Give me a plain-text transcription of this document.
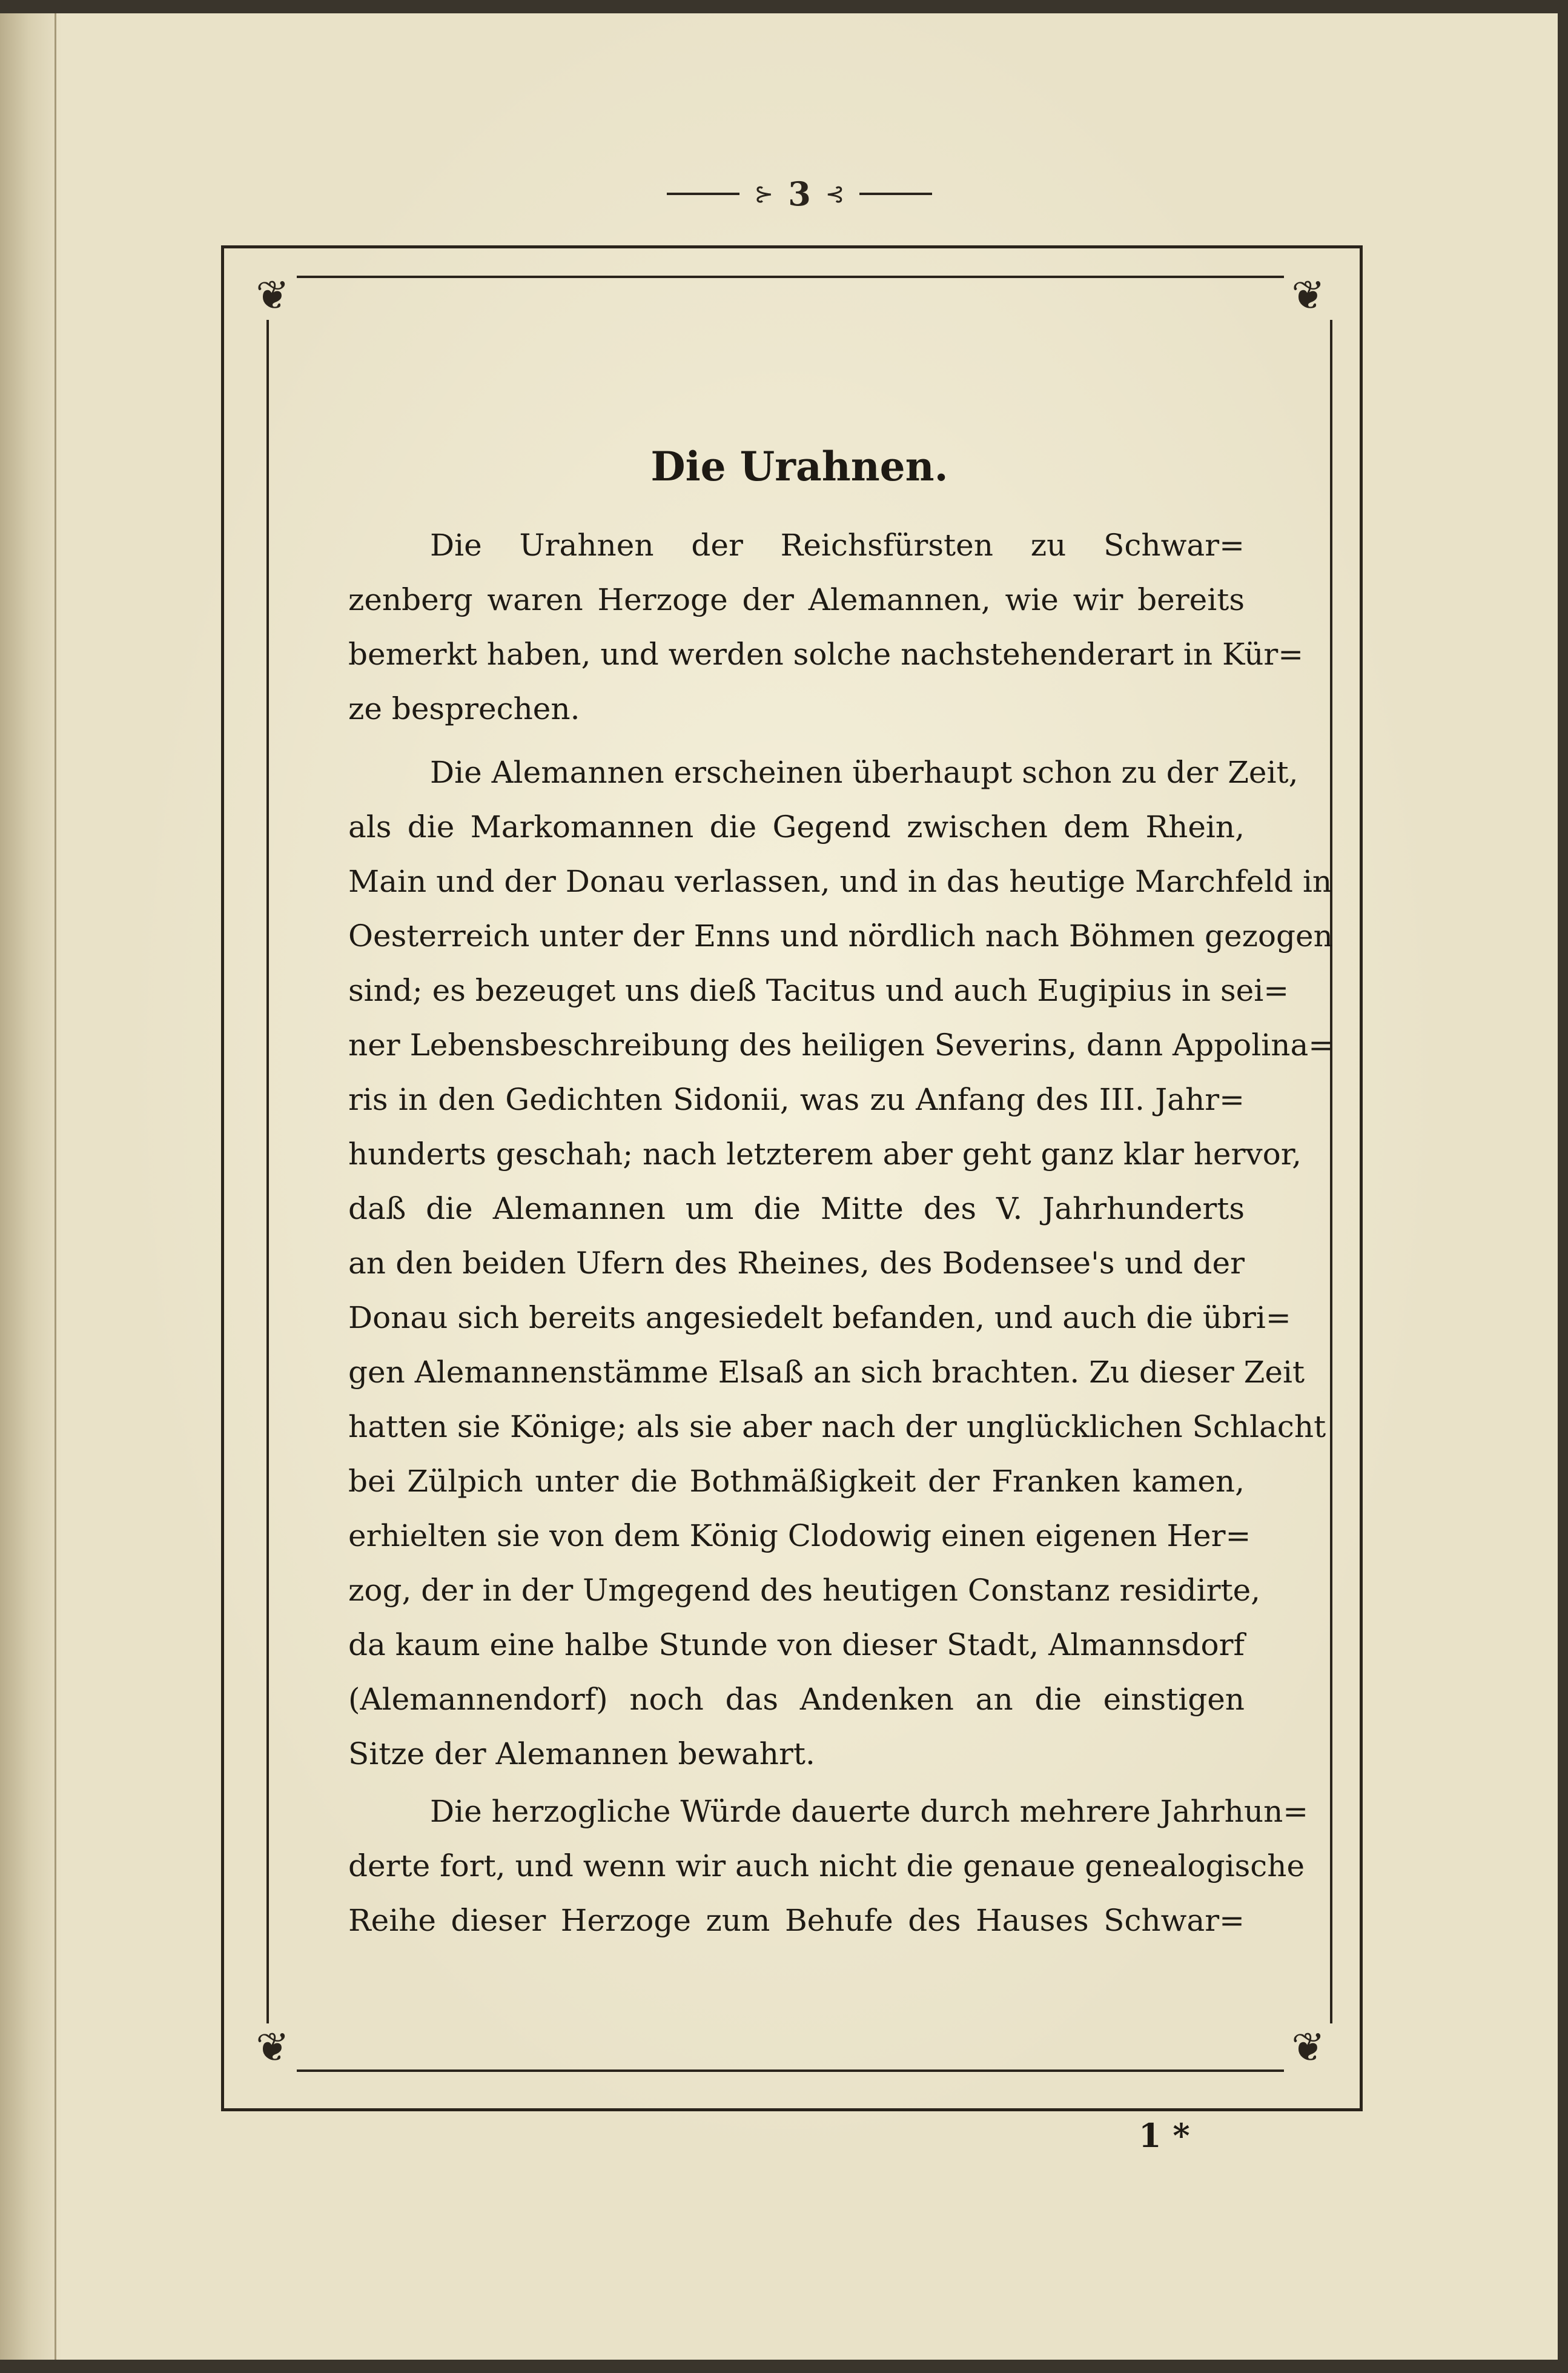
⊱ 3 ⊰
❦	❦
❦	❦
Die Urahnen.
Die Urahnen der Reichsfürsten zu Schwar=
zenberg waren Herzoge der Alemannen, wie wir bereits
bemerkt haben, und werden solche nachstehenderart in Kür=
ze besprechen.
Die Alemannen erscheinen überhaupt schon zu der Zeit,
als die Markomannen die Gegend zwischen dem Rhein,
Main und der Donau verlassen, und in das heutige Marchfeld in
Oesterreich unter der Enns und nördlich nach Böhmen gezogen
sind; es bezeuget uns dieß Tacitus und auch Eugipius in sei=
ner Lebensbeschreibung des heiligen Severins, dann Appolina=
ris in den Gedichten Sidonii, was zu Anfang des III. Jahr=
hunderts geschah; nach letzterem aber geht ganz klar hervor,
daß die Alemannen um die Mitte des V. Jahrhunderts
an den beiden Ufern des Rheines, des Bodensee's und der
Donau sich bereits angesiedelt befanden, und auch die übri=
gen Alemannenstämme Elsaß an sich brachten. Zu dieser Zeit
hatten sie Könige; als sie aber nach der unglücklichen Schlacht
bei Zülpich unter die Bothmäßigkeit der Franken kamen,
erhielten sie von dem König Clodowig einen eigenen Her=
zog, der in der Umgegend des heutigen Constanz residirte,
da kaum eine halbe Stunde von dieser Stadt, Almannsdorf
(Alemannendorf) noch das Andenken an die einstigen
Sitze der Alemannen bewahrt.
Die herzogliche Würde dauerte durch mehrere Jahrhun=
derte fort, und wenn wir auch nicht die genaue genealogische
Reihe dieser Herzoge zum Behufe des Hauses Schwar=
1 *
